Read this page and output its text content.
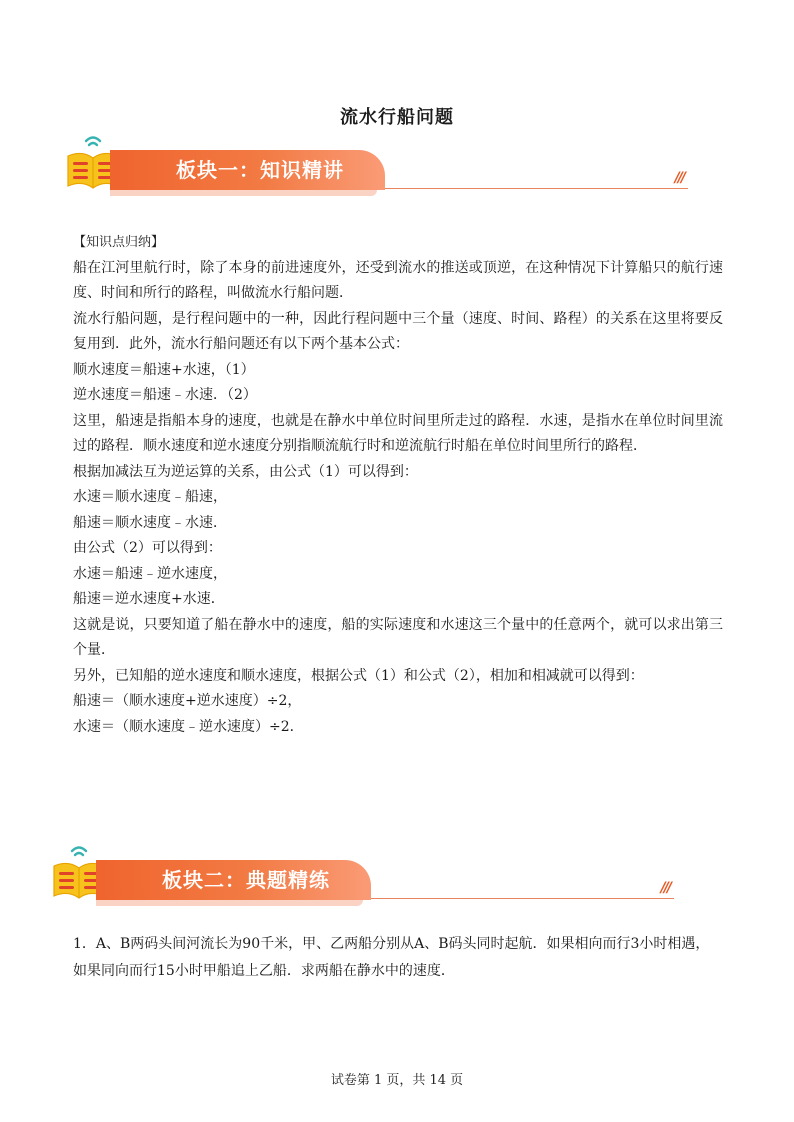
流水行船问题
板块一：知识精讲	///

【知识点归纳】

船在江河里航行时，除了本身的前进速度外，还受到流水的推送或顶逆，在这种情况下计算船只的航行速度、时间和所行的路程，叫做流水行船问题．

流水行船问题，是行程问题中的一种，因此行程问题中三个量（速度、时间、路程）的关系在这里将要反复用到．此外，流水行船问题还有以下两个基本公式：

顺水速度＝船速+水速，（1）

逆水速度＝船速﹣水速．（2）

这里，船速是指船本身的速度，也就是在静水中单位时间里所走过的路程．水速，是指水在单位时间里流过的路程．顺水速度和逆水速度分别指顺流航行时和逆流航行时船在单位时间里所行的路程．

根据加减法互为逆运算的关系，由公式（1）可以得到：

水速＝顺水速度﹣船速，

船速＝顺水速度﹣水速．

由公式（2）可以得到：

水速＝船速﹣逆水速度，

船速＝逆水速度+水速．

这就是说，只要知道了船在静水中的速度，船的实际速度和水速这三个量中的任意两个，就可以求出第三个量．

另外，已知船的逆水速度和顺水速度，根据公式（1）和公式（2），相加和相减就可以得到：

船速＝（顺水速度+逆水速度）÷2，

水速＝（顺水速度﹣逆水速度）÷2．

板块二：典题精练	///

1．A、B两码头间河流长为90千米，甲、乙两船分别从A、B码头同时起航．如果相向而行3小时相遇，如果同向而行15小时甲船追上乙船．求两船在静水中的速度．

试卷第 1 页，共 14 页
